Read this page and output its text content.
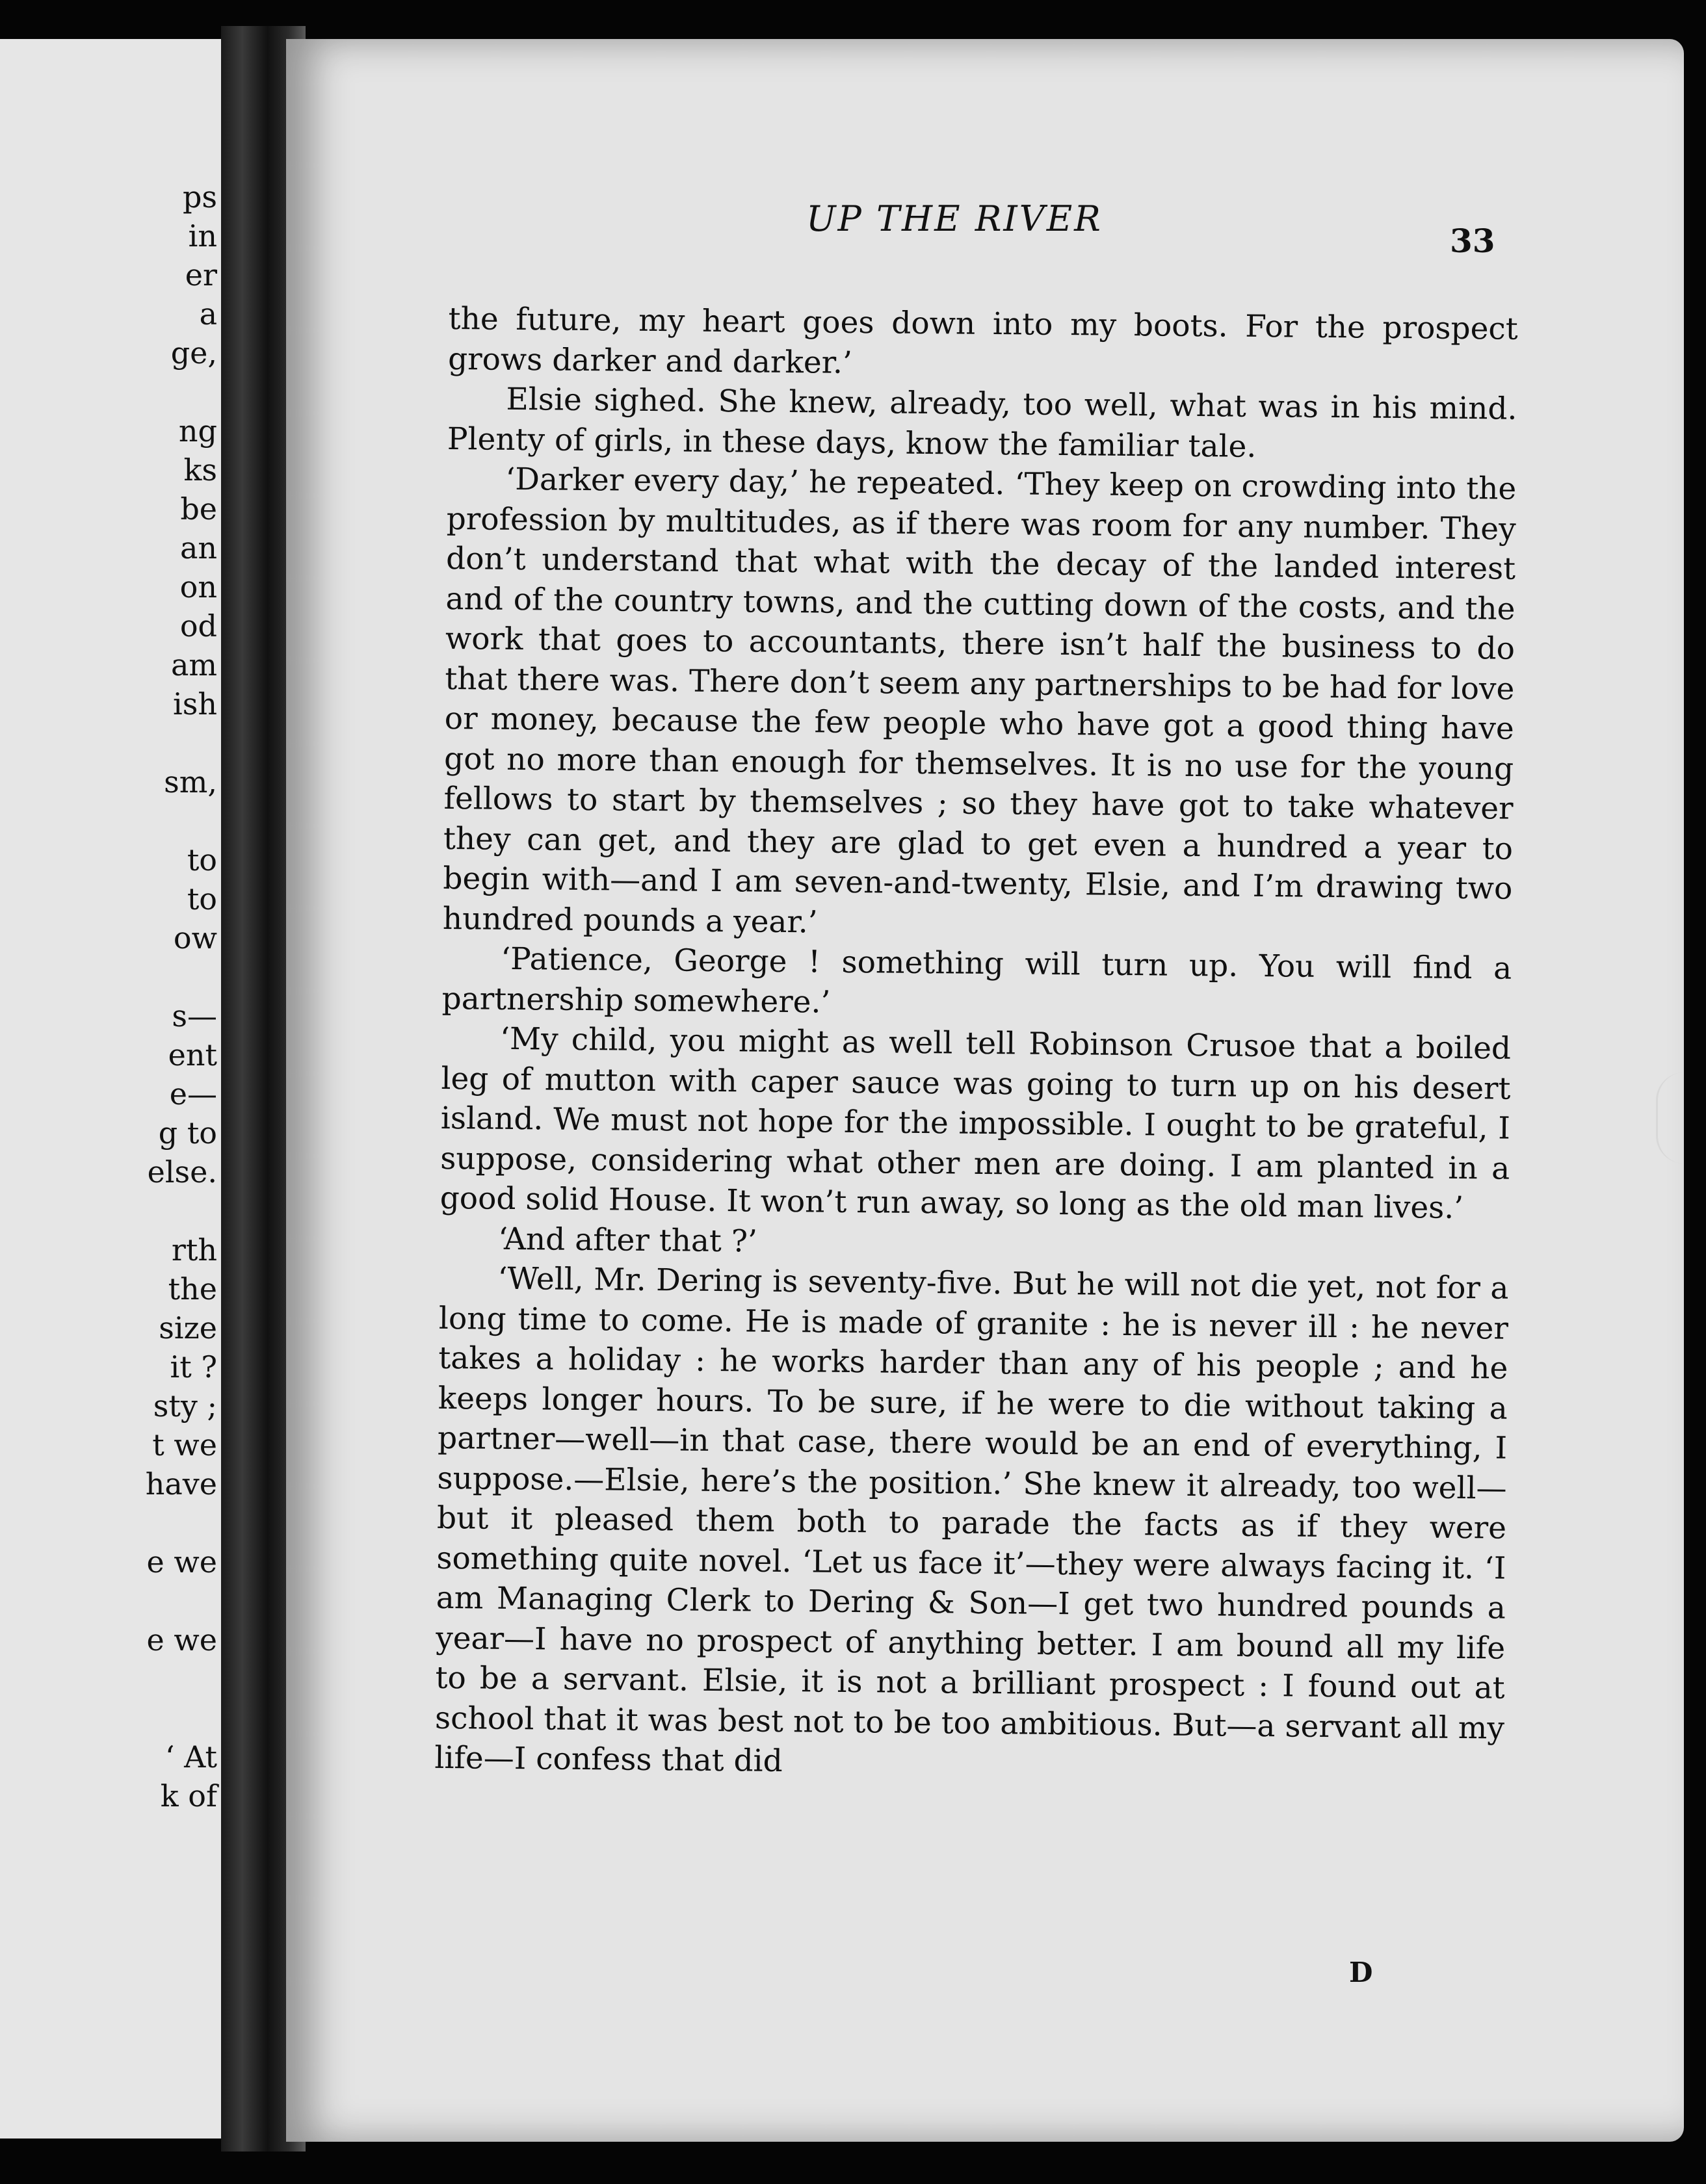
ps
in
er
a
ge,
ng
ks
be
an
on
od
am
ish
sm,
to
to
ow
s—
ent
e—
g to
else.
rth
the
size
it ?
sty ;
t we
have
e we
e we
‘ At
k of
UP THE RIVER
33

the future, my heart goes down into my boots. For the prospect grows darker and darker.’

Elsie sighed. She knew, already, too well, what was in his mind. Plenty of girls, in these days, know the familiar tale.

‘Darker every day,’ he repeated. ‘They keep on crowding into the profession by multitudes, as if there was room for any number. They don’t understand that what with the decay of the landed interest and of the country towns, and the cutting down of the costs, and the work that goes to accountants, there isn’t half the business to do that there was. There don’t seem any partnerships to be had for love or money, because the few people who have got a good thing have got no more than enough for themselves. It is no use for the young fellows to start by themselves ; so they have got to take whatever they can get, and they are glad to get even a hundred a year to begin with—and I am seven-and-twenty, Elsie, and I’m drawing two hundred pounds a year.’

‘Patience, George ! something will turn up. You will find a partnership somewhere.’

‘My child, you might as well tell Robinson Crusoe that a boiled leg of mutton with caper sauce was going to turn up on his desert island. We must not hope for the impossible. I ought to be grateful, I suppose, considering what other men are doing. I am planted in a good solid House. It won’t run away, so long as the old man lives.’

‘And after that ?’

‘Well, Mr. Dering is seventy-five. But he will not die yet, not for a long time to come. He is made of granite : he is never ill : he never takes a holiday : he works harder than any of his people ; and he keeps longer hours. To be sure, if he were to die without taking a partner—well—in that case, there would be an end of everything, I suppose.—Elsie, here’s the position.’ She knew it already, too well—but it pleased them both to parade the facts as if they were something quite novel. ‘Let us face it’—they were always facing it. ‘I am Managing Clerk to Dering & Son—I get two hundred pounds a year—I have no prospect of anything better. I am bound all my life to be a servant. Elsie, it is not a brilliant prospect : I found out at school that it was best not to be too ambitious. But—a servant all my life—I confess that did

D
